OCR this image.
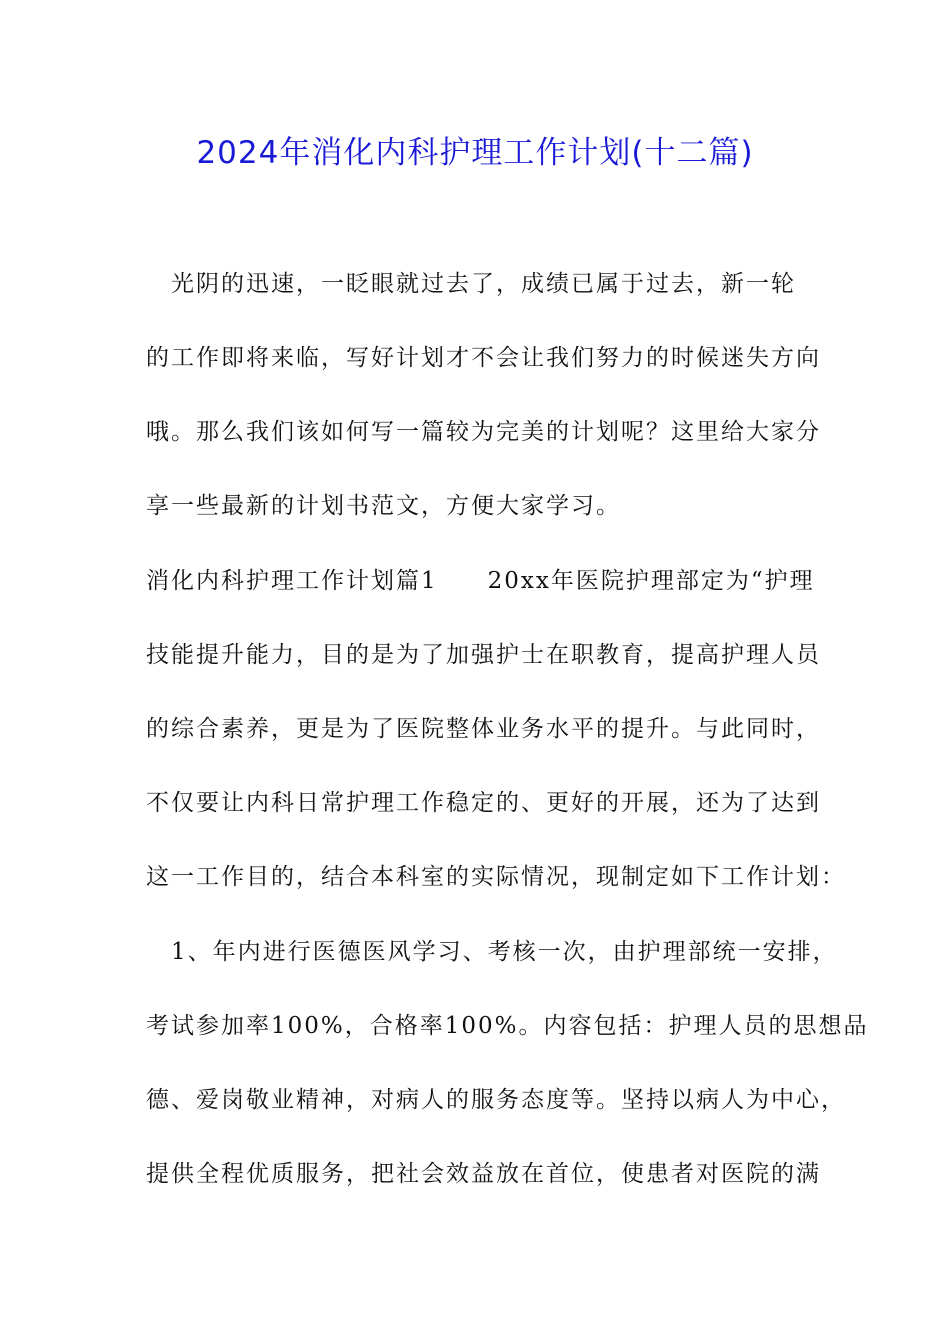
2024年消化内科护理工作计划(十二篇)
　光阴的迅速，一眨眼就过去了，成绩已属于过去，新一轮
的工作即将来临，写好计划才不会让我们努力的时候迷失方向
哦。那么我们该如何写一篇较为完美的计划呢？这里给大家分
享一些最新的计划书范文，方便大家学习。
消化内科护理工作计划篇1　　20xx年医院护理部定为“护理
技能提升能力，目的是为了加强护士在职教育，提高护理人员
的综合素养，更是为了医院整体业务水平的提升。与此同时，
不仅要让内科日常护理工作稳定的、更好的开展，还为了达到
这一工作目的，结合本科室的实际情况，现制定如下工作计划：
　1、年内进行医德医风学习、考核一次，由护理部统一安排，
考试参加率100%，合格率100%。内容包括：护理人员的思想品
德、爱岗敬业精神，对病人的服务态度等。坚持以病人为中心，
提供全程优质服务，把社会效益放在首位，使患者对医院的满
